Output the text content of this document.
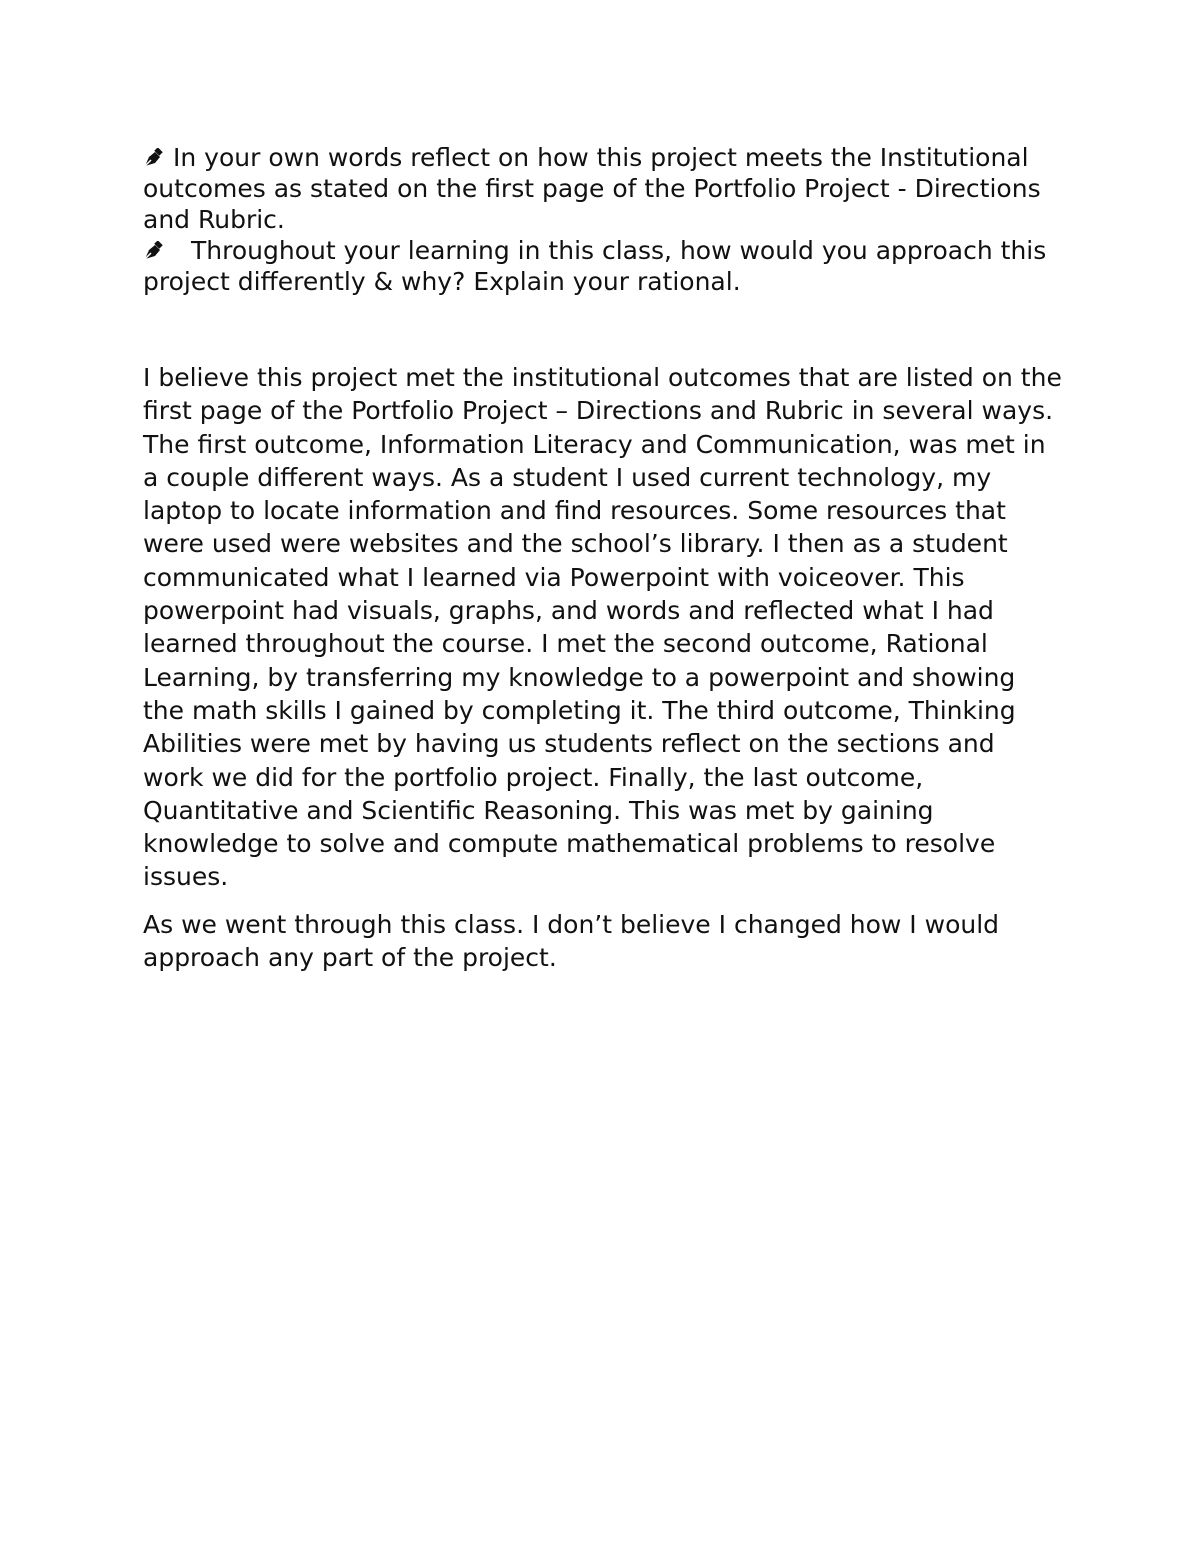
In your own words reflect on how this project meets the Institutional outcomes as stated on the first page of the Portfolio Project - Directions and Rubric.

Throughout your learning in this class, how would you approach this project differently & why? Explain your rational.

I believe this project met the institutional outcomes that are listed on the first page of the Portfolio Project – Directions and Rubric in several ways. The first outcome, Information Literacy and Communication, was met in a couple different ways. As a student I used current technology, my laptop to locate information and find resources. Some resources that were used were websites and the school’s library. I then as a student communicated what I learned via Powerpoint with voiceover. This powerpoint had visuals, graphs, and words and reflected what I had learned throughout the course. I met the second outcome, Rational Learning, by transferring my knowledge to a powerpoint and showing the math skills I gained by completing it. The third outcome, Thinking Abilities were met by having us students reflect on the sections and work we did for the portfolio project. Finally, the last outcome, Quantitative and Scientific Reasoning. This was met by gaining knowledge to solve and compute mathematical problems to resolve issues.

As we went through this class. I don’t believe I changed how I would approach any part of the project.
